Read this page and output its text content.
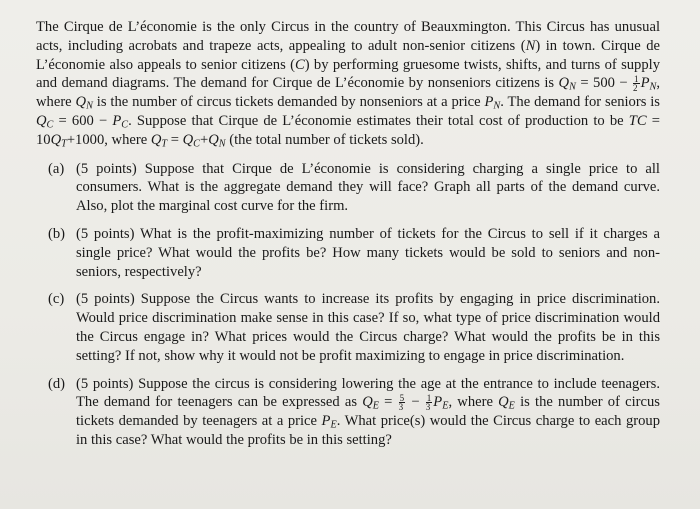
The Cirque de L’économie is the only Circus in the country of Beauxmington. This Circus has unusual acts, including acrobats and trapeze acts, appealing to adult non-senior citizens (N) in town. Cirque de L’économie also appeals to senior citizens (C) by performing gruesome twists, shifts, and turns of supply and demand diagrams. The demand for Cirque de L’économie by nonseniors citizens is $Q_N = 500 - \frac{1}{2} P_N$, where $Q_N$ is the number of circus tickets demanded by nonseniors at a price $P_N$. The demand for seniors is $Q_C = 600 - P_C$. Suppose that Cirque de L’économie estimates their total cost of production to be TC = $10Q_T+1000$, where $Q_T = Q_C+Q_N$ (the total number of tickets sold).

(a) (5 points) Suppose that Cirque de L’économie is considering charging a single price to all consumers. What is the aggregate demand they will face? Graph all parts of the demand curve. Also, plot the marginal cost curve for the firm.

(b) (5 points) What is the profit-maximizing number of tickets for the Circus to sell if it charges a single price? What would the profits be? How many tickets would be sold to seniors and non-seniors, respectively?

(c) (5 points) Suppose the Circus wants to increase its profits by engaging in price discrimination. Would price discrimination make sense in this case? If so, what type of price discrimination would the Circus engage in? What prices would the Circus charge? What would the profits be in this setting? If not, show why it would not be profit maximizing to engage in price discrimination.

(d) (5 points) Suppose the circus is considering lowering the age at the entrance to include teenagers. The demand for teenagers can be expressed as $Q_E = \frac{5}{3} - \frac{1}{3} P_E$, where $Q_E$ is the number of circus tickets demanded by teenagers at a price $P_E$. What price(s) would the Circus charge to each group in this case? What would the profits be in this setting?
